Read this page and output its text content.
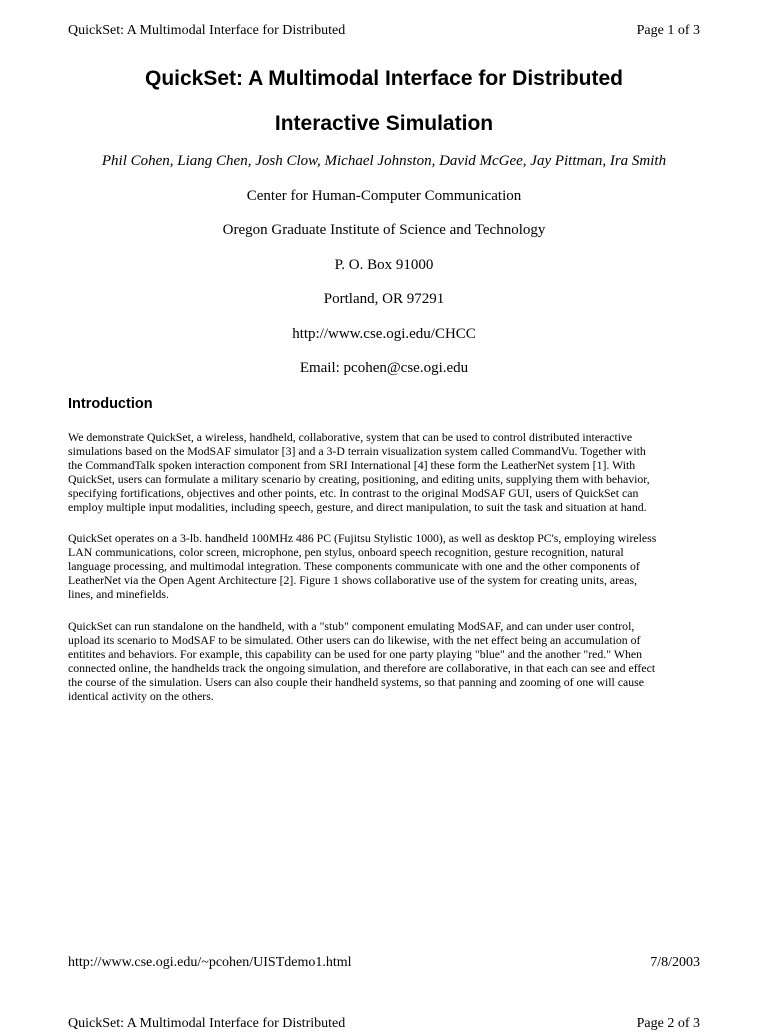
QuickSet: A Multimodal Interface for Distributed	Page 1 of 3
QuickSet: A Multimodal Interface for Distributed
Interactive Simulation
Phil Cohen, Liang Chen, Josh Clow, Michael Johnston, David McGee, Jay Pittman, Ira Smith
Center for Human-Computer Communication
Oregon Graduate Institute of Science and Technology
P. O. Box 91000
Portland, OR 97291
http://www.cse.ogi.edu/CHCC
Email: pcohen@cse.ogi.edu
Introduction
We demonstrate QuickSet, a wireless, handheld, collaborative, system that can be used to control distributed interactive
simulations based on the ModSAF simulator [3] and a 3-D terrain visualization system called CommandVu. Together with
the CommandTalk spoken interaction component from SRI International [4] these form the LeatherNet system [1]. With
QuickSet, users can formulate a military scenario by creating, positioning, and editing units, supplying them with behavior,
specifying fortifications, objectives and other points, etc. In contrast to the original ModSAF GUI, users of QuickSet can
employ multiple input modalities, including speech, gesture, and direct manipulation, to suit the task and situation at hand.
QuickSet operates on a 3-lb. handheld 100MHz 486 PC (Fujitsu Stylistic 1000), as well as desktop PC's, employing wireless
LAN communications, color screen, microphone, pen stylus, onboard speech recognition, gesture recognition, natural
language processing, and multimodal integration. These components communicate with one and the other components of
LeatherNet via the Open Agent Architecture [2]. Figure 1 shows collaborative use of the system for creating units, areas,
lines, and minefields.
QuickSet can run standalone on the handheld, with a "stub" component emulating ModSAF, and can under user control,
upload its scenario to ModSAF to be simulated. Other users can do likewise, with the net effect being an accumulation of
entitites and behaviors. For example, this capability can be used for one party playing "blue" and the another "red." When
connected online, the handhelds track the ongoing simulation, and therefore are collaborative, in that each can see and effect
the course of the simulation. Users can also couple their handheld systems, so that panning and zooming of one will cause
identical activity on the others.
http://www.cse.ogi.edu/~pcohen/UISTdemo1.html	7/8/2003
QuickSet: A Multimodal Interface for Distributed	Page 2 of 3
